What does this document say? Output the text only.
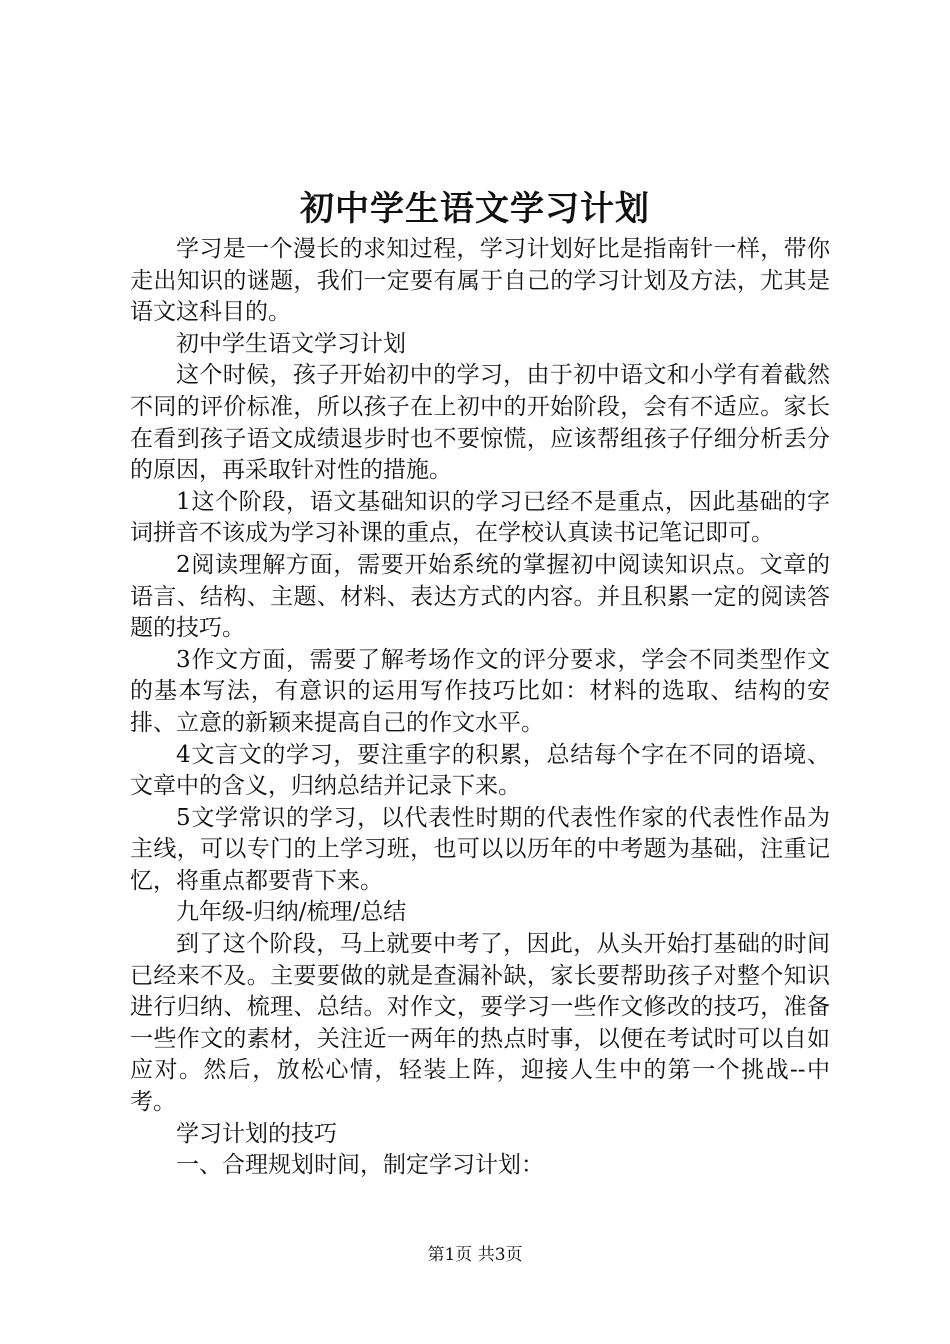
初中学生语文学习计划

学习是一个漫长的求知过程，学习计划好比是指南针一样，带你走出知识的谜题，我们一定要有属于自己的学习计划及方法，尤其是语文这科目的。

初中学生语文学习计划

这个时候，孩子开始初中的学习，由于初中语文和小学有着截然不同的评价标准，所以孩子在上初中的开始阶段，会有不适应。家长在看到孩子语文成绩退步时也不要惊慌，应该帮组孩子仔细分析丢分的原因，再采取针对性的措施。

1这个阶段，语文基础知识的学习已经不是重点，因此基础的字词拼音不该成为学习补课的重点，在学校认真读书记笔记即可。

2阅读理解方面，需要开始系统的掌握初中阅读知识点。文章的语言、结构、主题、材料、表达方式的内容。并且积累一定的阅读答题的技巧。

3作文方面，需要了解考场作文的评分要求，学会不同类型作文的基本写法，有意识的运用写作技巧比如：材料的选取、结构的安排、立意的新颖来提高自己的作文水平。

4文言文的学习，要注重字的积累，总结每个字在不同的语境、文章中的含义，归纳总结并记录下来。

5文学常识的学习，以代表性时期的代表性作家的代表性作品为主线，可以专门的上学习班，也可以以历年的中考题为基础，注重记忆，将重点都要背下来。

九年级-归纳/梳理/总结

到了这个阶段，马上就要中考了，因此，从头开始打基础的时间已经来不及。主要要做的就是查漏补缺，家长要帮助孩子对整个知识进行归纳、梳理、总结。对作文，要学习一些作文修改的技巧，准备一些作文的素材，关注近一两年的热点时事，以便在考试时可以自如应对。然后，放松心情，轻装上阵，迎接人生中的第一个挑战--中考。

学习计划的技巧

一、合理规划时间，制定学习计划：

第1页 共3页
